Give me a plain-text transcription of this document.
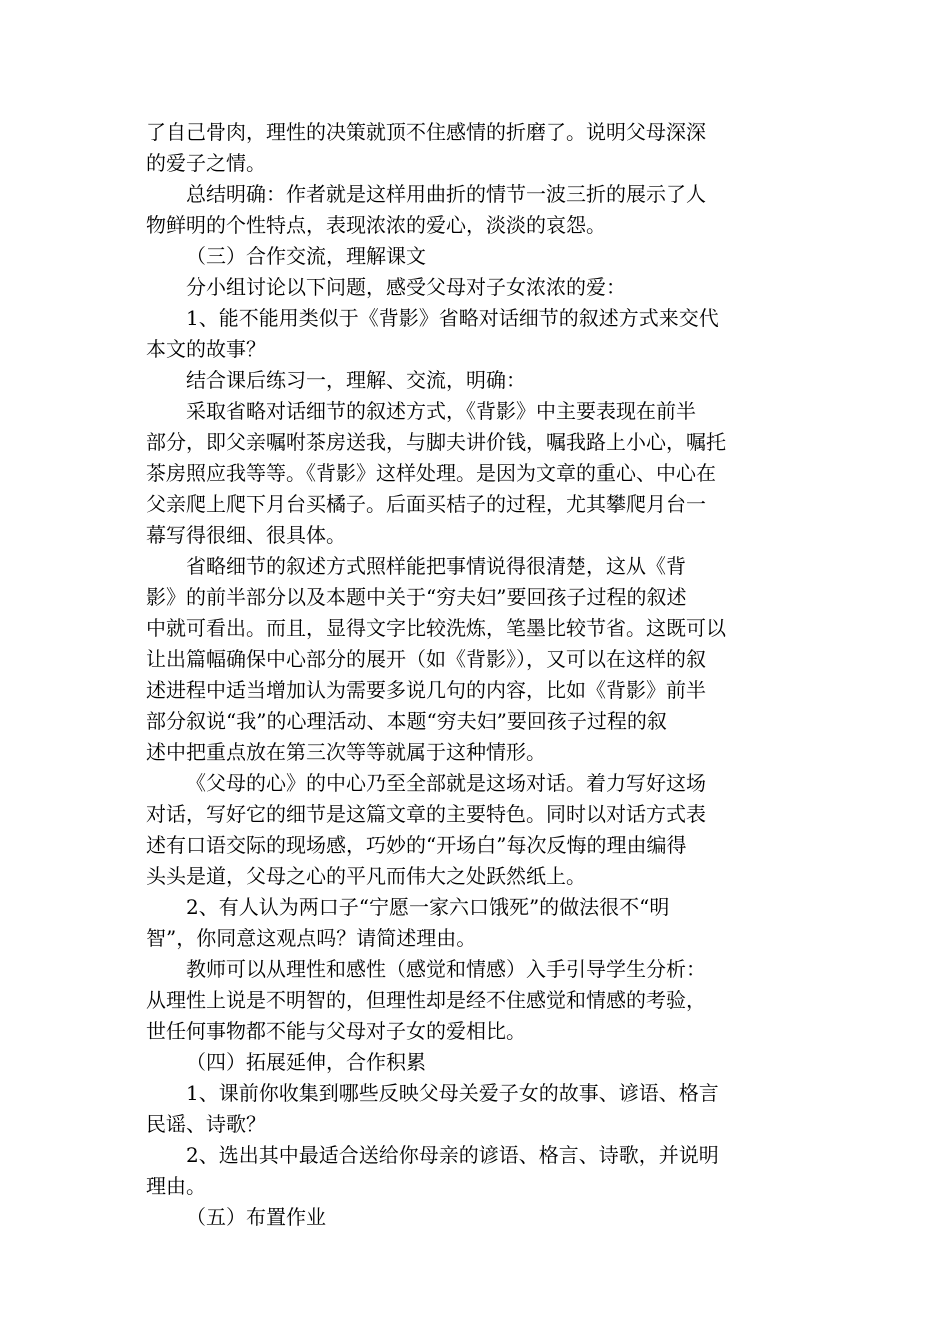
了自己骨肉，理性的决策就顶不住感情的折磨了。说明父母深深
的爱子之情。
总结明确：作者就是这样用曲折的情节一波三折的展示了人
物鲜明的个性特点，表现浓浓的爱心，淡淡的哀怨。
（三）合作交流，理解课文
分小组讨论以下问题，感受父母对子女浓浓的爱：
1、能不能用类似于《背影》省略对话细节的叙述方式来交代
本文的故事？
结合课后练习一，理解、交流，明确：
采取省略对话细节的叙述方式，《背影》中主要表现在前半
部分，即父亲嘱咐茶房送我，与脚夫讲价钱，嘱我路上小心，嘱托
茶房照应我等等。《背影》这样处理。是因为文章的重心、中心在
父亲爬上爬下月台买橘子。后面买桔子的过程，尤其攀爬月台一
幕写得很细、很具体。
省略细节的叙述方式照样能把事情说得很清楚，这从《背
影》的前半部分以及本题中关于“穷夫妇”要回孩子过程的叙述
中就可看出。而且，显得文字比较洗炼，笔墨比较节省。这既可以
让出篇幅确保中心部分的展开（如《背影》），又可以在这样的叙
述进程中适当增加认为需要多说几句的内容，比如《背影》前半
部分叙说“我”的心理活动、本题“穷夫妇”要回孩子过程的叙
述中把重点放在第三次等等就属于这种情形。
《父母的心》的中心乃至全部就是这场对话。着力写好这场
对话，写好它的细节是这篇文章的主要特色。同时以对话方式表
述有口语交际的现场感，巧妙的“开场白”每次反悔的理由编得
头头是道，父母之心的平凡而伟大之处跃然纸上。
2、有人认为两口子“宁愿一家六口饿死”的做法很不“明
智”，你同意这观点吗？请简述理由。
教师可以从理性和感性（感觉和情感）入手引导学生分析：
从理性上说是不明智的，但理性却是经不住感觉和情感的考验，
世任何事物都不能与父母对子女的爱相比。
（四）拓展延伸，合作积累
1、课前你收集到哪些反映父母关爱子女的故事、谚语、格言
民谣、诗歌？
2、选出其中最适合送给你母亲的谚语、格言、诗歌，并说明
理由。
（五）布置作业
